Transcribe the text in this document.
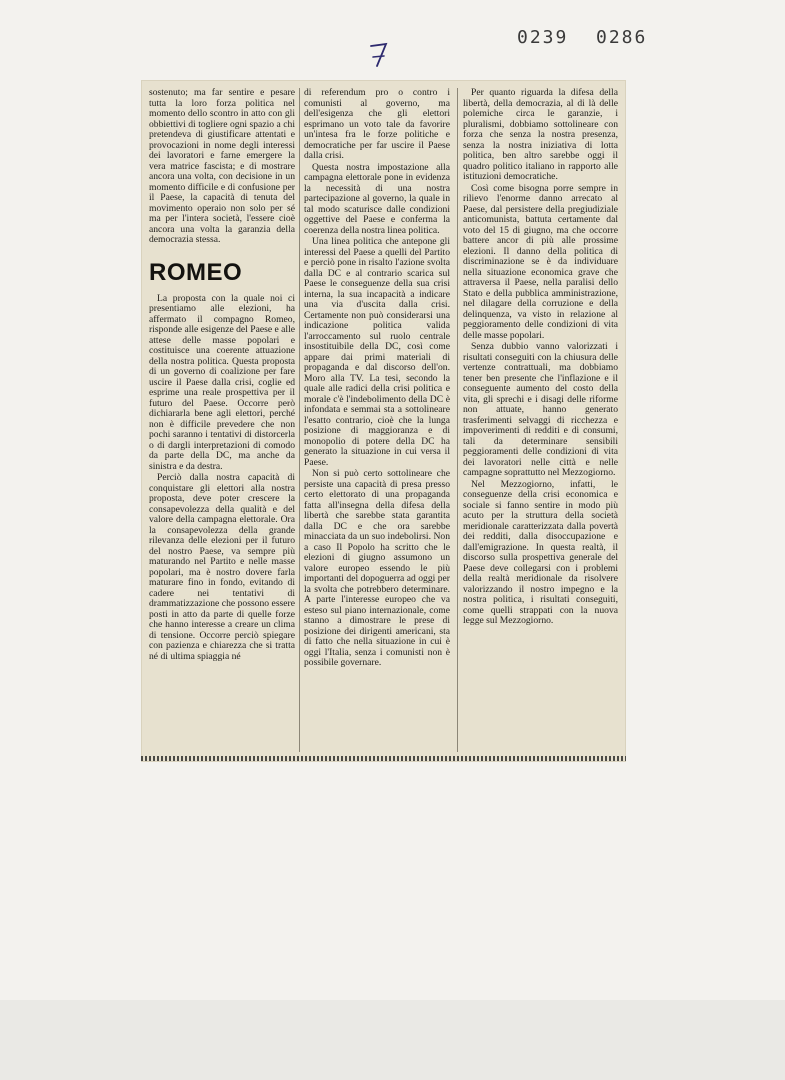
0239 0286

sostenuto; ma far sentire e pesare tutta la loro forza politica nel momento dello scontro in atto con gli obbiettivi di togliere ogni spazio a chi pretendeva di giustificare attentati e provocazioni in nome degli interessi dei lavoratori e farne emergere la vera matrice fascista; e di mostrare ancora una volta, con decisione in un momento difficile e di confusione per il Paese, la capacità di tenuta del movimento operaio non solo per sé ma per l'intera società, l'essere cioè ancora una volta la garanzia della democrazia stessa.

ROMEO

La proposta con la quale noi ci presentiamo alle elezioni, ha affermato il compagno Romeo, risponde alle esigenze del Paese e alle attese delle masse popolari e costituisce una coerente attuazione della nostra politica. Questa proposta di un governo di coalizione per fare uscire il Paese dalla crisi, coglie ed esprime una reale prospettiva per il futuro del Paese. Occorre però dichiararla bene agli elettori, perché non è difficile prevedere che non pochi saranno i tentativi di distorcerla o di dargli interpretazioni di comodo da parte della DC, ma anche da sinistra e da destra.

Perciò dalla nostra capacità di conquistare gli elettori alla nostra proposta, deve poter crescere la consapevolezza della qualità e del valore della campagna elettorale. Ora la consapevolezza della grande rilevanza delle elezioni per il futuro del nostro Paese, va sempre più maturando nel Partito e nelle masse popolari, ma è nostro dovere farla maturare fino in fondo, evitando di cadere nei tentativi di drammatizzazione che possono essere posti in atto da parte di quelle forze che hanno interesse a creare un clima di tensione. Occorre perciò spiegare con pazienza e chiarezza che si tratta né di ultima spiaggia né

di referendum pro o contro i comunisti al governo, ma dell'esigenza che gli elettori esprimano un voto tale da favorire un'intesa fra le forze politiche e democratiche per far uscire il Paese dalla crisi.

Questa nostra impostazione alla campagna elettorale pone in evidenza la necessità di una nostra partecipazione al governo, la quale in tal modo scaturisce dalle condizioni oggettive del Paese e conferma la coerenza della nostra linea politica.

Una linea politica che antepone gli interessi del Paese a quelli del Partito e perciò pone in risalto l'azione svolta dalla DC e al contrario scarica sul Paese le conseguenze della sua crisi interna, la sua incapacità a indicare una via d'uscita dalla crisi. Certamente non può considerarsi una indicazione politica valida l'arroccamento sul ruolo centrale insostituibile della DC, così come appare dai primi materiali di propaganda e dal discorso dell'on. Moro alla TV. La tesi, secondo la quale alle radici della crisi politica e morale c'è l'indebolimento della DC è infondata e semmai sta a sottolineare l'esatto contrario, cioè che la lunga posizione di maggioranza e di monopolio di potere della DC ha generato la situazione in cui versa il Paese.

Non si può certo sottolineare che persiste una capacità di presa presso certo elettorato di una propaganda fatta all'insegna della difesa della libertà che sarebbe stata garantita dalla DC e che ora sarebbe minacciata da un suo indebolirsi. Non a caso Il Popolo ha scritto che le elezioni di giugno assumono un valore europeo essendo le più importanti del dopoguerra ad oggi per la svolta che potrebbero determinare. A parte l'interesse europeo che va esteso sul piano internazionale, come stanno a dimostrare le prese di posizione dei dirigenti americani, sta di fatto che nella situazione in cui è oggi l'Italia, senza i comunisti non è possibile governare.

Per quanto riguarda la difesa della libertà, della democrazia, al di là delle polemiche circa le garanzie, i pluralismi, dobbiamo sottolineare con forza che senza la nostra presenza, senza la nostra iniziativa di lotta politica, ben altro sarebbe oggi il quadro politico italiano in rapporto alle istituzioni democratiche.

Così come bisogna porre sempre in rilievo l'enorme danno arrecato al Paese, dal persistere della pregiudiziale anticomunista, battuta certamente dal voto del 15 di giugno, ma che occorre battere ancor di più alle prossime elezioni. Il danno della politica di discriminazione se è da individuare nella situazione economica grave che attraversa il Paese, nella paralisi dello Stato e della pubblica amministrazione, nel dilagare della corruzione e della delinquenza, va visto in relazione al peggioramento delle condizioni di vita delle masse popolari.

Senza dubbio vanno valorizzati i risultati conseguiti con la chiusura delle vertenze contrattuali, ma dobbiamo tener ben presente che l'inflazione e il conseguente aumento del costo della vita, gli sprechi e i disagi delle riforme non attuate, hanno generato trasferimenti selvaggi di ricchezza e impoverimenti di redditi e di consumi, tali da determinare sensibili peggioramenti delle condizioni di vita dei lavoratori nelle città e nelle campagne soprattutto nel Mezzogiorno.

Nel Mezzogiorno, infatti, le conseguenze della crisi economica e sociale si fanno sentire in modo più acuto per la struttura della società meridionale caratterizzata dalla povertà dei redditi, dalla disoccupazione e dall'emigrazione. In questa realtà, il discorso sulla prospettiva generale del Paese deve collegarsi con i problemi della realtà meridionale da risolvere valorizzando il nostro impegno e la nostra politica, i risultati conseguiti, come quelli strappati con la nuova legge sul Mezzogiorno.
